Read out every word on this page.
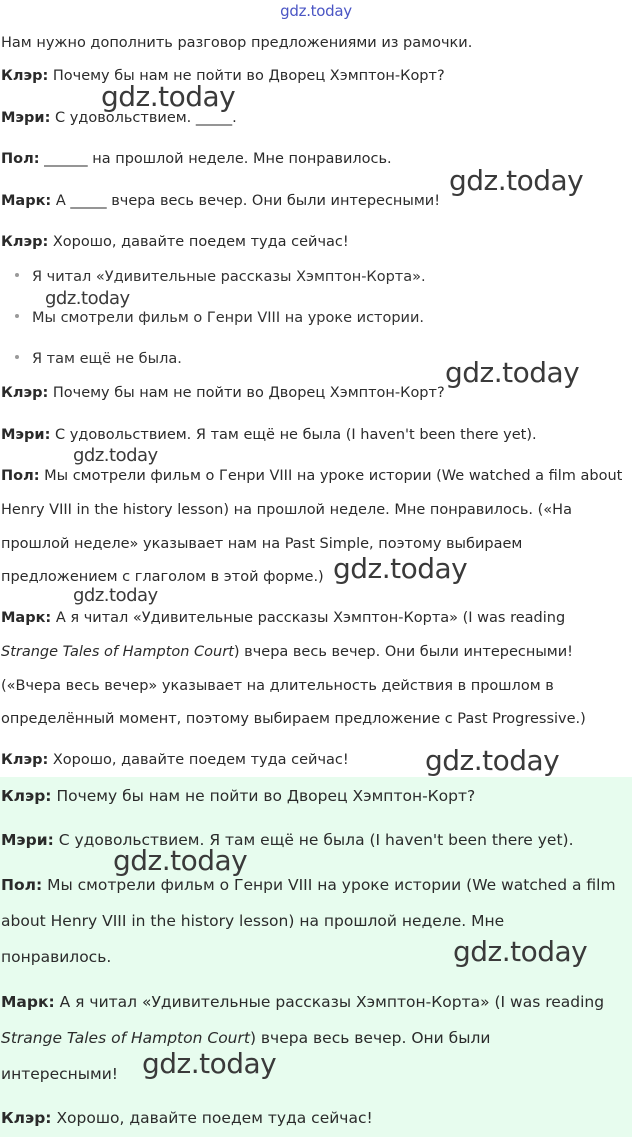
gdz.today
Нам нужно дополнить разговор предложениями из рамочки.
Клэр: Почему бы нам не пойти во Дворец Хэмптон-Корт?
Мэри: С удовольствием. _____.
Пол: ______ на прошлой неделе. Мне понравилось.
Марк: А _____ вчера весь вечер. Они были интересными!
Клэр: Хорошо, давайте поедем туда сейчас!
Я читал «Удивительные рассказы Хэмптон-Корта».
Мы смотрели фильм о Генри VIII на уроке истории.
Я там ещё не была.
Клэр: Почему бы нам не пойти во Дворец Хэмптон-Корт?
Мэри: С удовольствием. Я там ещё не была (I haven't been there yet).
Пол: Мы смотрели фильм о Генри VIII на уроке истории (We watched a film about
Henry VIII in the history lesson) на прошлой неделе. Мне понравилось. («На
прошлой неделе» указывает нам на Past Simple, поэтому выбираем
предложением с глаголом в этой форме.)
Марк: А я читал «Удивительные рассказы Хэмптон-Корта» (I was reading
Strange Tales of Hampton Court) вчера весь вечер. Они были интересными!
(«Вчера весь вечер» указывает на длительность действия в прошлом в
определённый момент, поэтому выбираем предложение с Past Progressive.)
Клэр: Хорошо, давайте поедем туда сейчас!
Клэр: Почему бы нам не пойти во Дворец Хэмптон-Корт?
Мэри: С удовольствием. Я там ещё не была (I haven't been there yet).
Пол: Мы смотрели фильм о Генри VIII на уроке истории (We watched a film
about Henry VIII in the history lesson) на прошлой неделе. Мне
понравилось.
Марк: А я читал «Удивительные рассказы Хэмптон-Корта» (I was reading
Strange Tales of Hampton Court) вчера весь вечер. Они были
интересными!
Клэр: Хорошо, давайте поедем туда сейчас!
gdz.today
gdz.today
gdz.today
gdz.today
gdz.today
gdz.today
gdz.today
gdz.today
gdz.today
gdz.today
gdz.today
